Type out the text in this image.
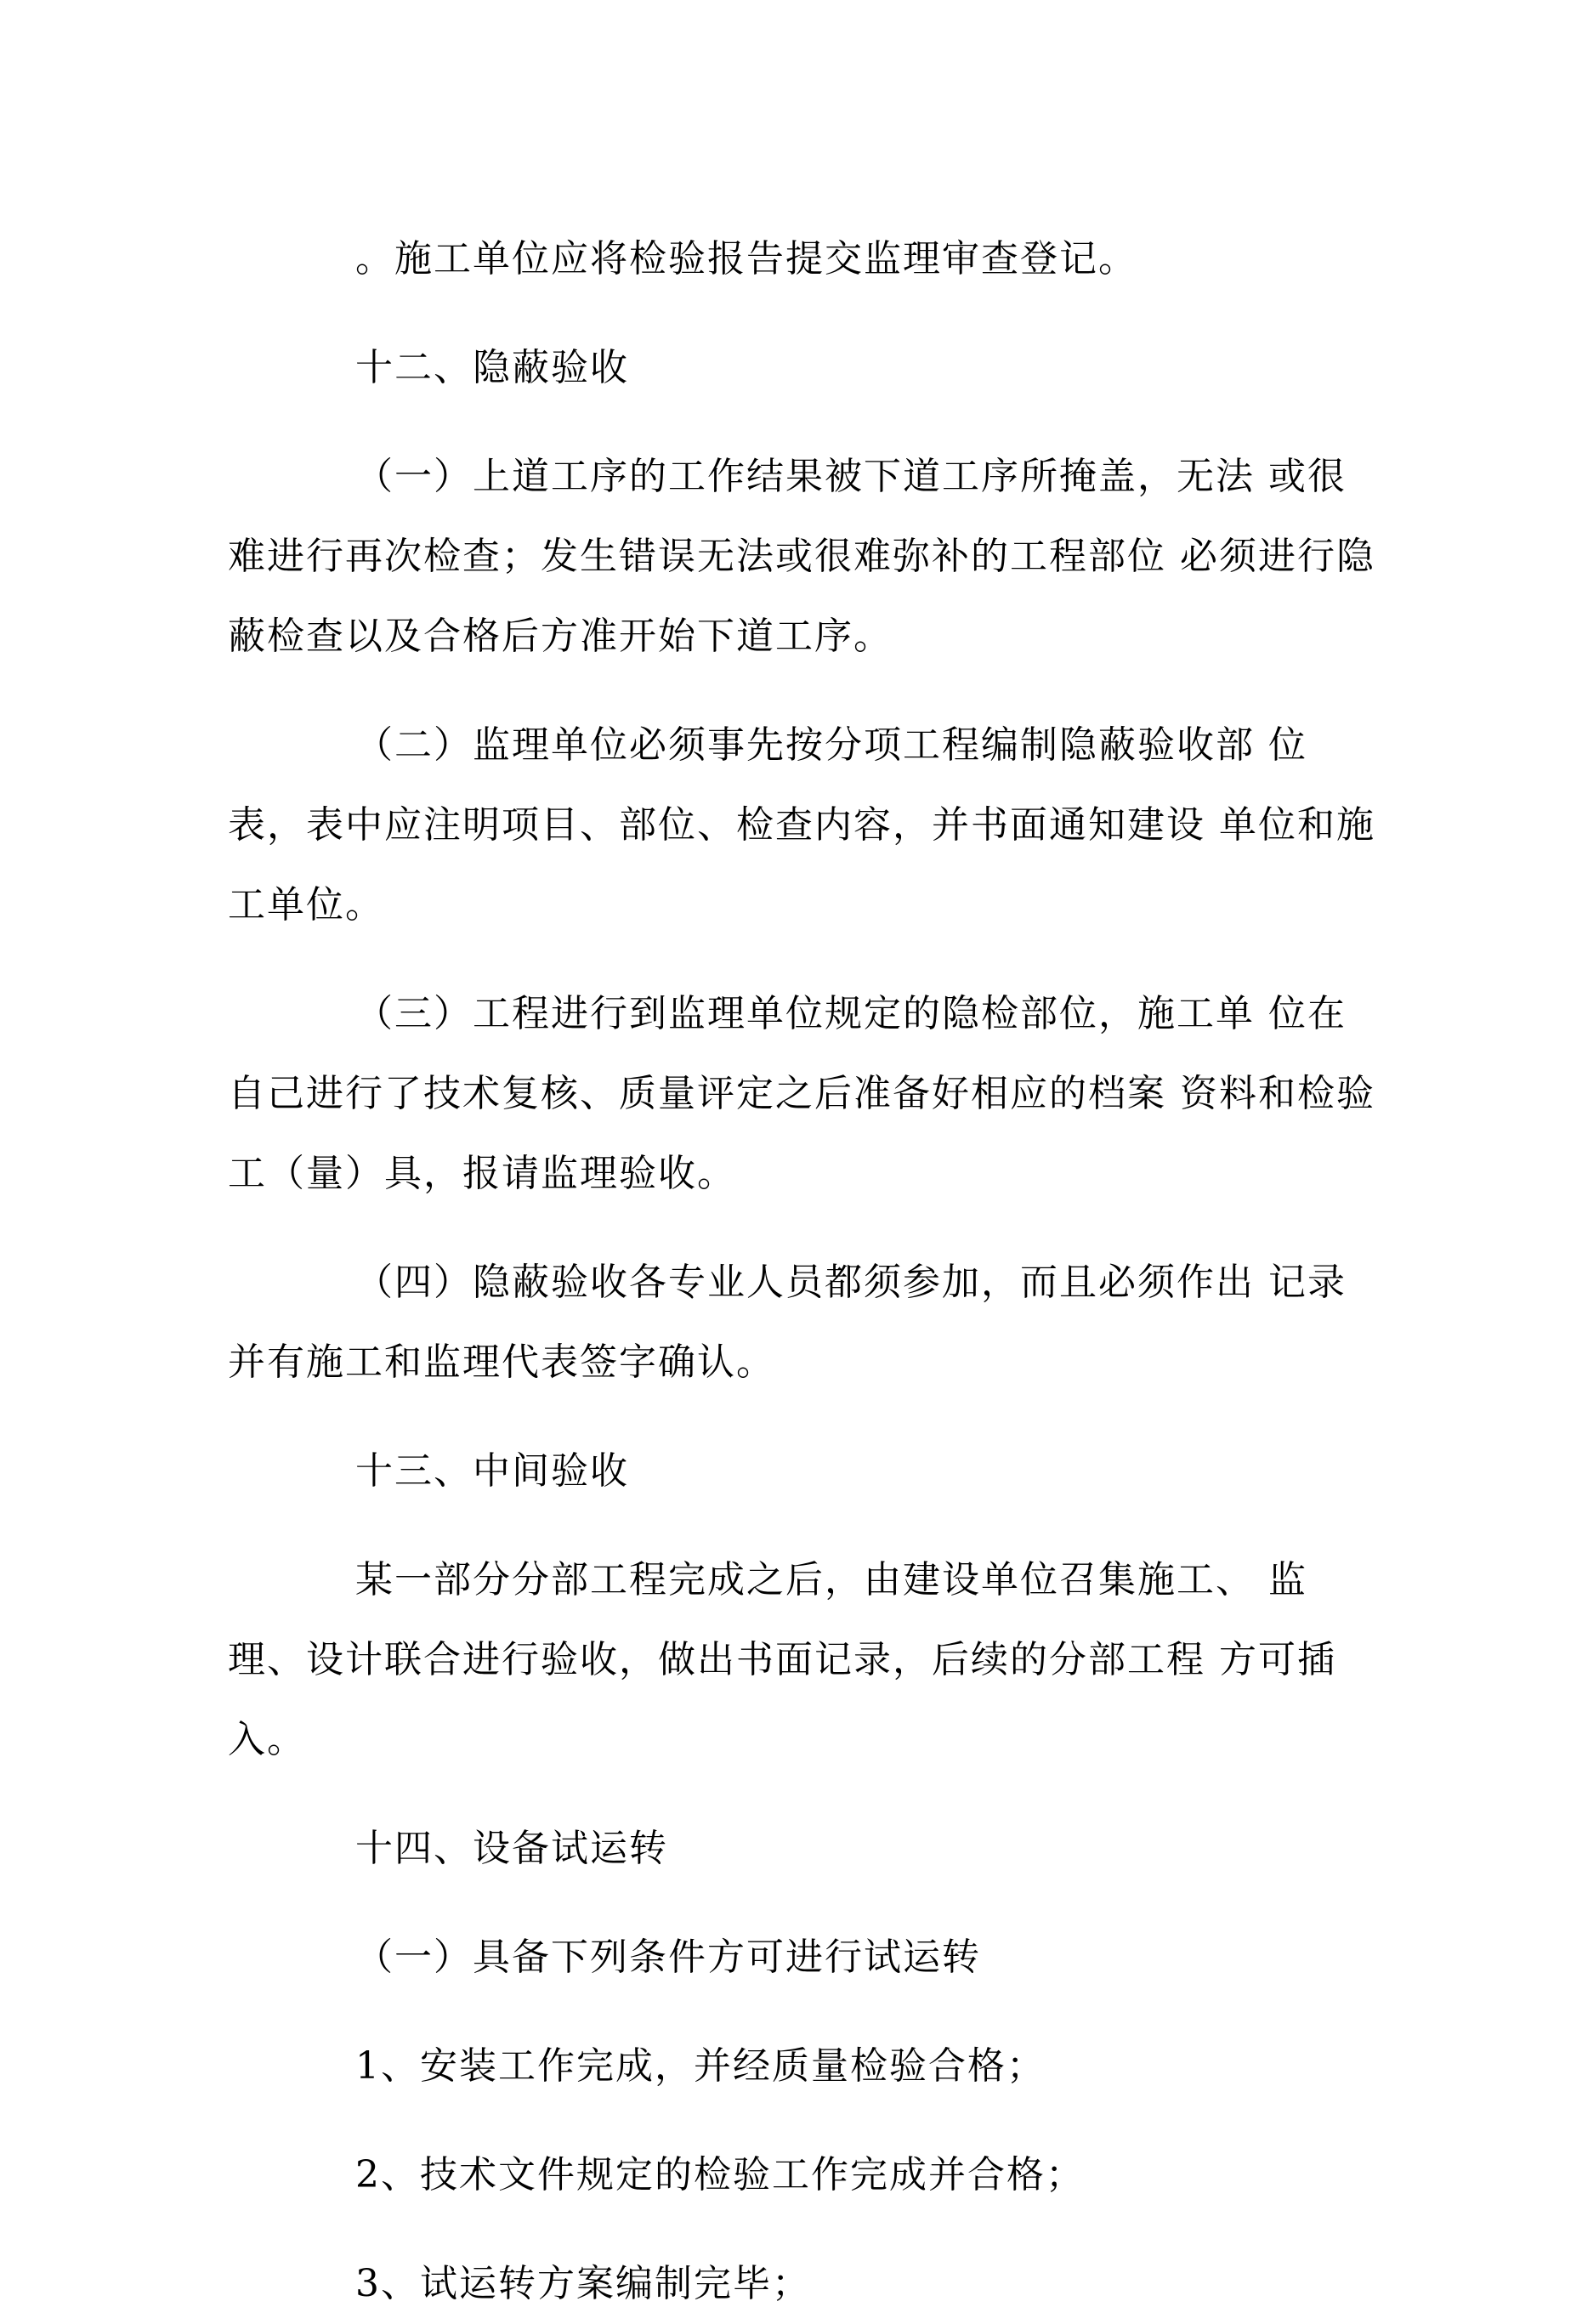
。施工单位应将检验报告提交监理审查登记。

十二、隐蔽验收

（一）上道工序的工作结果被下道工序所掩盖，无法 或很难进行再次检查；发生错误无法或很难弥补的工程部位 必须进行隐蔽检查以及合格后方准开始下道工序。

（二）监理单位必须事先按分项工程编制隐蔽验收部 位表，表中应注明项目、部位、检查内容，并书面通知建设 单位和施工单位。

（三）工程进行到监理单位规定的隐检部位，施工单 位在自己进行了技术复核、质量评定之后准备好相应的档案 资料和检验工（量）具，报请监理验收。

（四）隐蔽验收各专业人员都须参加，而且必须作出 记录并有施工和监理代表签字确认。

十三、中间验收

某一部分分部工程完成之后，由建设单位召集施工、 监理、设计联合进行验收，做出书面记录，后续的分部工程 方可插入。

十四、设备试运转

（一）具备下列条件方可进行试运转

1、安装工作完成，并经质量检验合格；

2、技术文件规定的检验工作完成并合格；

3、试运转方案编制完毕；
